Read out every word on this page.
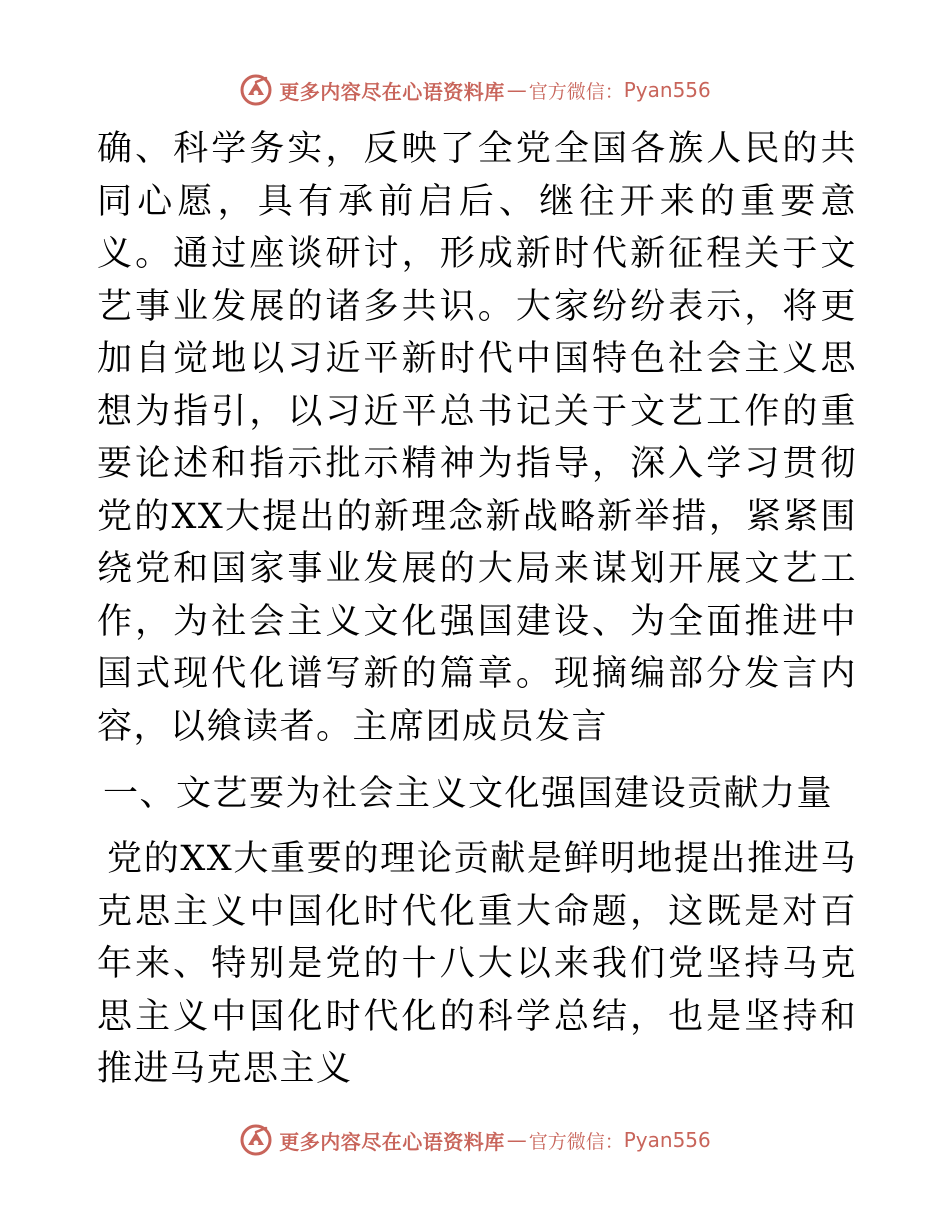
更多内容尽在心语资料库 — 官方微信： Pyan556

确、科学务实，反映了全党全国各族人民的共同心愿，具有承前启后、继往开来的重要意义。通过座谈研讨，形成新时代新征程关于文艺事业发展的诸多共识。大家纷纷表示，将更加自觉地以习近平新时代中国特色社会主义思想为指引，以习近平总书记关于文艺工作的重要论述和指示批示精神为指导，深入学习贯彻党的XX大提出的新理念新战略新举措，紧紧围绕党和国家事业发展的大局来谋划开展文艺工作，为社会主义文化强国建设、为全面推进中国式现代化谱写新的篇章。现摘编部分发言内容，以飨读者。主席团成员发言

一、文艺要为社会主义文化强国建设贡献力量

党的XX大重要的理论贡献是鲜明地提出推进马克思主义中国化时代化重大命题，这既是对百年来、特别是党的十八大以来我们党坚持马克思主义中国化时代化的科学总结，也是坚持和推进马克思主义

更多内容尽在心语资料库 — 官方微信： Pyan556
